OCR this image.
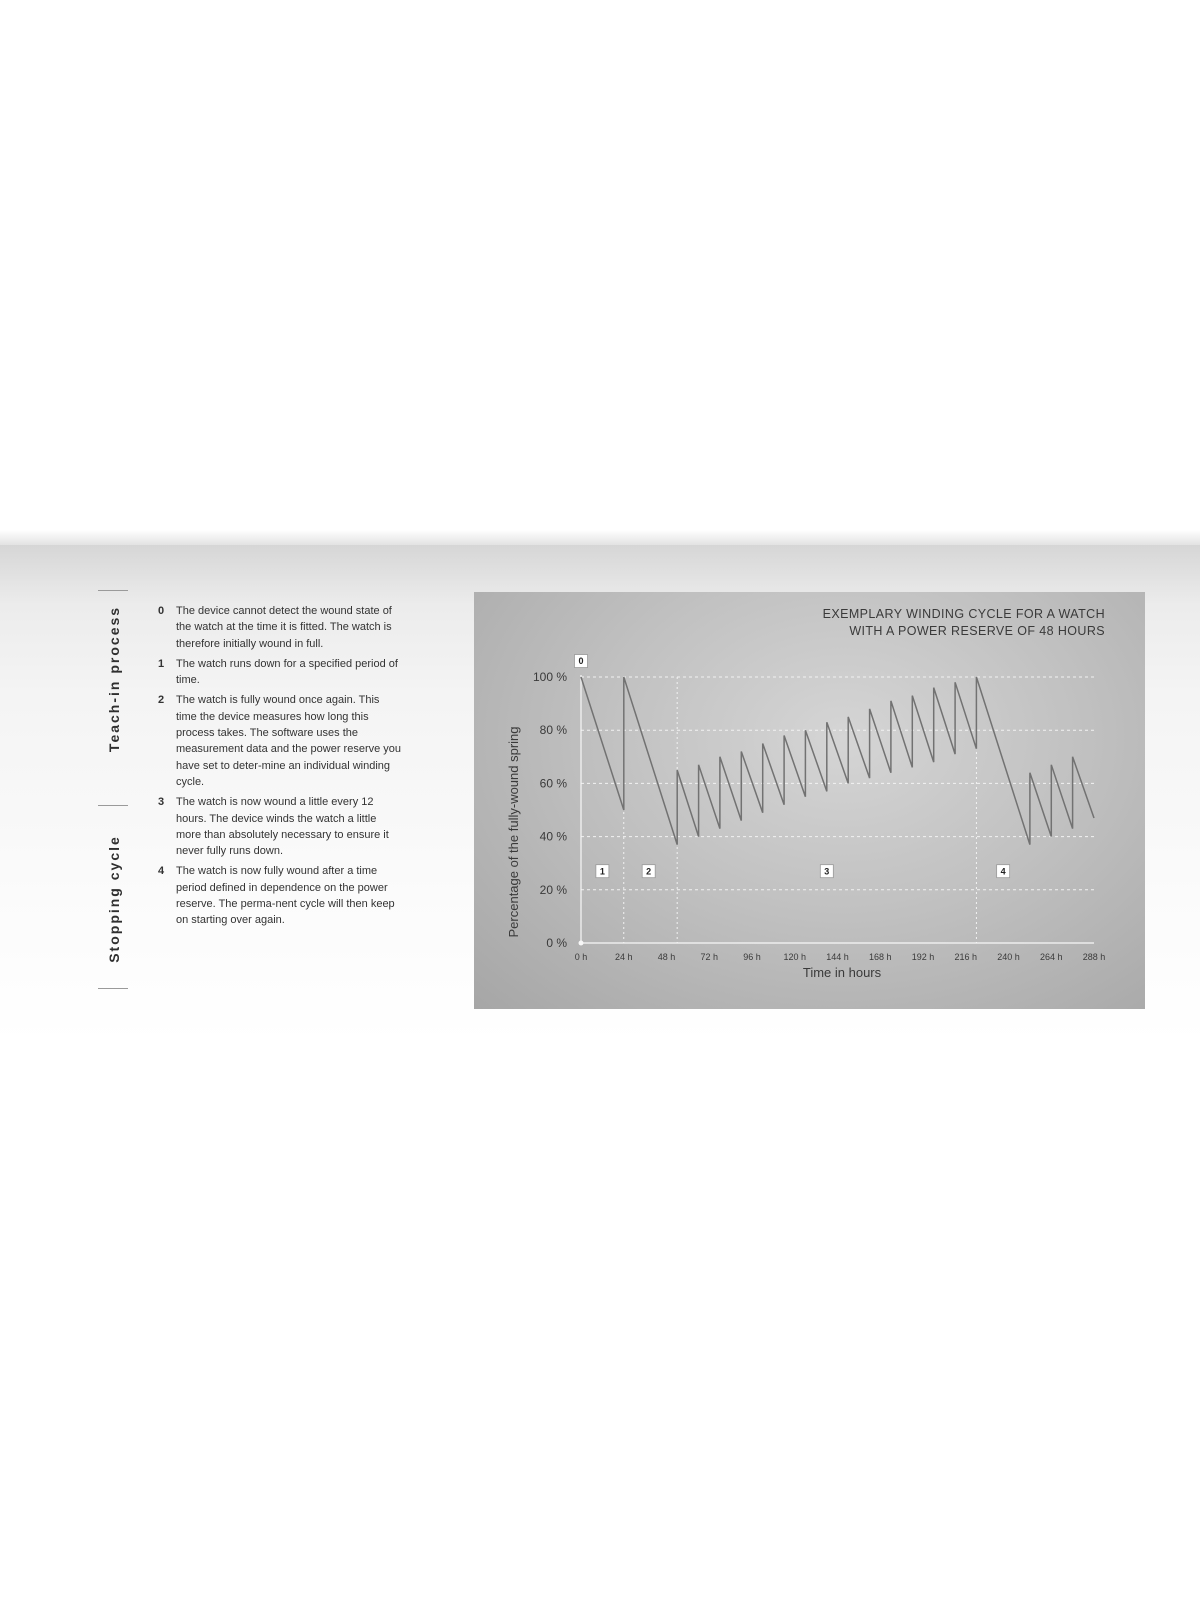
Teach-in process
Stopping cycle
0	The device cannot detect the wound state of the watch at the time it is fitted. The watch is therefore initially wound in full.
1	The watch runs down for a specified period of time.
2	The watch is fully wound once again. This time the device measures how long this process takes. The software uses the measurement data and the power reserve you have set to deter-mine an individual winding cycle.
3	The watch is now wound a little every 12 hours. The device winds the watch a little more than absolutely necessary to ensure it never fully runs down.
4	The watch is now fully wound after a time period defined in dependence on the power reserve. The perma-nent cycle will then keep on starting over again.
EXEMPLARY WINDING CYCLE FOR A WATCH
WITH A POWER RESERVE OF 48 HOURS
0 %
20 %
40 %
60 %
80 %
100 %
0 h	24 h	48 h	72 h	96 h	120 h 144 h 168 h 192 h 216 h 240 h 264 h 288 h
0
1	2	3	4
Percentage of the fully-wound spring
Time in hours
